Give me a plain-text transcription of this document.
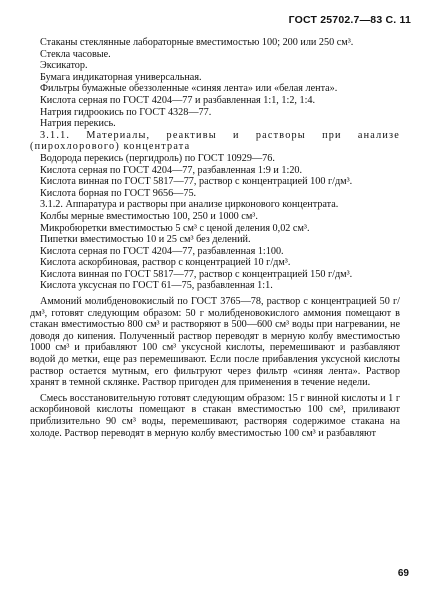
ГОСТ 25702.7—83 С. 11

Стаканы стеклянные лабораторные вместимостью 100; 200 или 250 см³.

Стекла часовые.

Эксикатор.

Бумага индикаторная универсальная.

Фильтры бумажные обеззоленные «синяя лента» или «белая лента».

Кислота серная по ГОСТ 4204—77 и разбавленная 1:1, 1:2, 1:4.

Натрия гидроокись по ГОСТ 4328—77.

Натрия перекись.

3.1.1. Материалы, реактивы и растворы при анализе (пирохлорового) концентрата

Водорода перекись (пергидроль) по ГОСТ 10929—76.

Кислота серная по ГОСТ 4204—77, разбавленная 1:9 и 1:20.

Кислота винная по ГОСТ 5817—77, раствор с концентрацией 100 г/дм³.

Кислота борная по ГОСТ 9656—75.

3.1.2. Аппаратура и растворы при анализе цирконового концентрата.

Колбы мерные вместимостью 100, 250 и 1000 см³.

Микробюретки вместимостью 5 см³ с ценой деления 0,02 см³.

Пипетки вместимостью 10 и 25 см³ без делений.

Кислота серная по ГОСТ 4204—77, разбавленная 1:100.

Кислота аскорбиновая, раствор с концентрацией 10 г/дм³.

Кислота винная по ГОСТ 5817—77, раствор с концентрацией 150 г/дм³.

Кислота уксусная по ГОСТ 61—75, разбавленная 1:1.

Аммоний молибденовокислый по ГОСТ 3765—78, раствор с концентрацией 50 г/дм³, готовят следующим образом: 50 г молибденовокислого аммония помещают в стакан вместимостью 800 см³ и растворяют в 500—600 см³ воды при нагревании, не доводя до кипения. Полученный раствор переводят в мерную колбу вместимостью 1000 см³ и прибавляют 100 см³ уксусной кислоты, перемешивают и разбавляют водой до метки, еще раз перемешивают. Если после прибавления уксусной кислоты раствор остается мутным, его фильтруют через фильтр «синяя лента». Раствор хранят в темной склянке. Раствор пригоден для применения в течение недели.

Смесь восстановительную готовят следующим образом: 15 г винной кислоты и 1 г аскорбиновой кислоты помещают в стакан вместимостью 100 см³, приливают приблизительно 90 см³ воды, перемешивают, растворяя содержимое стакана на холоде. Раствор переводят в мерную колбу вместимостью 100 см³ и разбавляют

69
